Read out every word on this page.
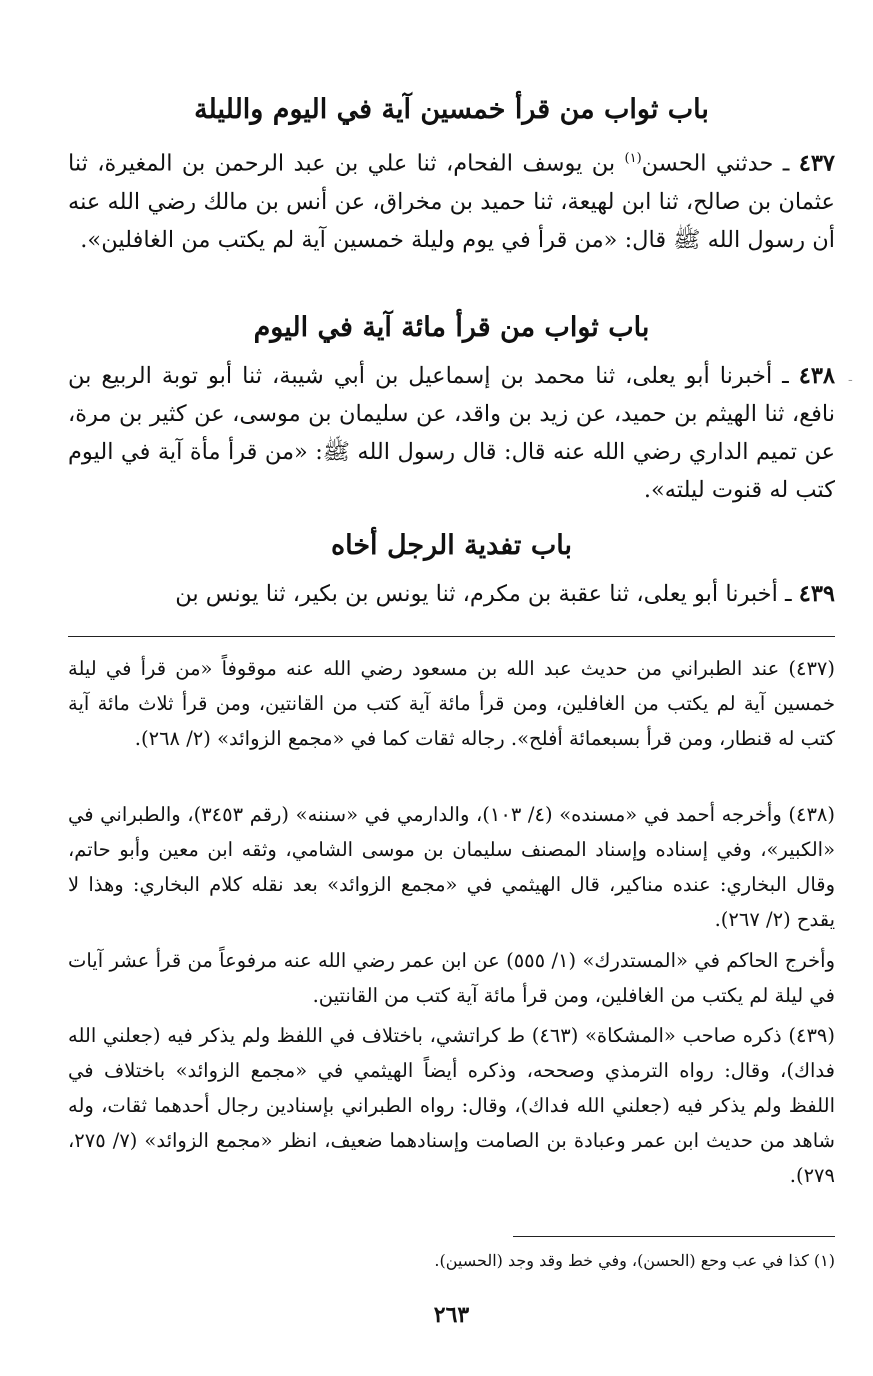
-
باب ثواب من قرأ خمسين آية في اليوم والليلة

٤٣٧ ـ حدثني الحسن$^{(١)}$ بن يوسف الفحام، ثنا علي بن عبد الرحمن بن المغيرة، ثنا عثمان بن صالح، ثنا ابن لهيعة، ثنا حميد بن مخراق، عن أنس بن مالك رضي الله عنه أن رسول الله ﷺ قال: «من قرأ في يوم وليلة خمسين آية لم يكتب من الغافلين».

باب ثواب من قرأ مائة آية في اليوم

٤٣٨ ـ أخبرنا أبو يعلى، ثنا محمد بن إسماعيل بن أبي شيبة، ثنا أبو توبة الربيع بن نافع، ثنا الهيثم بن حميد، عن زيد بن واقد، عن سليمان بن موسى، عن كثير بن مرة، عن تميم الداري رضي الله عنه قال: قال رسول الله ﷺ: «من قرأ مأة آية في اليوم كتب له قنوت ليلته».

باب تفدية الرجل أخاه

٤٣٩ ـ أخبرنا أبو يعلى، ثنا عقبة بن مكرم، ثنا يونس بن بكير، ثنا يونس بن

(٤٣٧) عند الطبراني من حديث عبد الله بن مسعود رضي الله عنه موقوفاً «من قرأ في ليلة خمسين آية لم يكتب من الغافلين، ومن قرأ مائة آية كتب من القانتين، ومن قرأ ثلاث مائة آية كتب له قنطار، ومن قرأ بسبعمائة أفلح». رجاله ثقات كما في «مجمع الزوائد» (٢/ ٢٦٨).

(٤٣٨) وأخرجه أحمد في «مسنده» (٤/ ١٠٣)، والدارمي في «سننه» (رقم ٣٤٥٣)، والطبراني في «الكبير»، وفي إسناده وإسناد المصنف سليمان بن موسى الشامي، وثقه ابن معين وأبو حاتم، وقال البخاري: عنده مناكير، قال الهيثمي في «مجمع الزوائد» بعد نقله كلام البخاري: وهذا لا يقدح (٢/ ٢٦٧).

وأخرج الحاكم في «المستدرك» (١/ ٥٥٥) عن ابن عمر رضي الله عنه مرفوعاً من قرأ عشر آيات في ليلة لم يكتب من الغافلين، ومن قرأ مائة آية كتب من القانتين.

(٤٣٩) ذكره صاحب «المشكاة» (٤٦٣) ط كراتشي، باختلاف في اللفظ ولم يذكر فيه (جعلني الله فداك)، وقال: رواه الترمذي وصححه، وذكره أيضاً الهيثمي في «مجمع الزوائد» باختلاف في اللفظ ولم يذكر فيه (جعلني الله فداك)، وقال: رواه الطبراني بإسنادين رجال أحدهما ثقات، وله شاهد من حديث ابن عمر وعبادة بن الصامت وإسنادهما ضعيف، انظر «مجمع الزوائد» (٧/ ٢٧٥، ٢٧٩).

(١) كذا في عب وحع (الحسن)، وفي خط وقد وجد (الحسين).

٢٦٣
